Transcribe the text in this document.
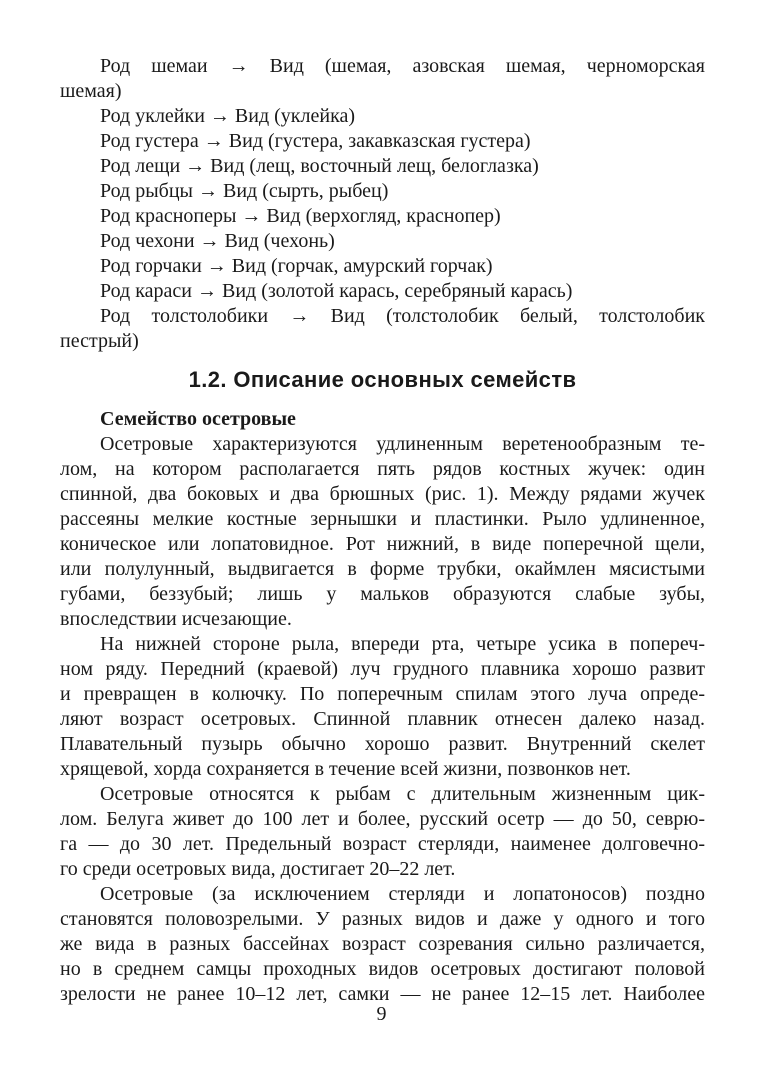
Род шемаи → Вид (шемая, азовская шемая, черноморская
шемая)
Род уклейки → Вид (уклейка)
Род густера → Вид (густера, закавказская густера)
Род лещи → Вид (лещ, восточный лещ, белоглазка)
Род рыбцы → Вид (сырть, рыбец)
Род красноперы → Вид (верхогляд, краснопер)
Род чехони → Вид (чехонь)
Род горчаки → Вид (горчак, амурский горчак)
Род караси → Вид (золотой карась, серебряный карась)
Род толстолобики → Вид (толстолобик белый, толстолобик
пестрый)
1.2. Описание основных семейств
Семейство осетровые
Осетровые характеризуются удлиненным веретенообразным те-
лом, на котором располагается пять рядов костных жучек: один
спинной, два боковых и два брюшных (рис. 1). Между рядами жучек
рассеяны мелкие костные зернышки и пластинки. Рыло удлиненное,
коническое или лопатовидное. Рот нижний, в виде поперечной щели,
или полулунный, выдвигается в форме трубки, окаймлен мясистыми
губами, беззубый; лишь у мальков образуются слабые зубы,
впоследствии исчезающие.
На нижней стороне рыла, впереди рта, четыре усика в попереч-
ном ряду. Передний (краевой) луч грудного плавника хорошо развит
и превращен в колючку. По поперечным спилам этого луча опреде-
ляют возраст осетровых. Спинной плавник отнесен далеко назад.
Плавательный пузырь обычно хорошо развит. Внутренний скелет
хрящевой, хорда сохраняется в течение всей жизни, позвонков нет.
Осетровые относятся к рыбам с длительным жизненным цик-
лом. Белуга живет до 100 лет и более, русский осетр — до 50, севрю-
га — до 30 лет. Предельный возраст стерляди, наименее долговечно-
го среди осетровых вида, достигает 20–22 лет.
Осетровые (за исключением стерляди и лопатоносов) поздно
становятся половозрелыми. У разных видов и даже у одного и того
же вида в разных бассейнах возраст созревания сильно различается,
но в среднем самцы проходных видов осетровых достигают половой
зрелости не ранее 10–12 лет, самки — не ранее 12–15 лет. Наиболее
9
